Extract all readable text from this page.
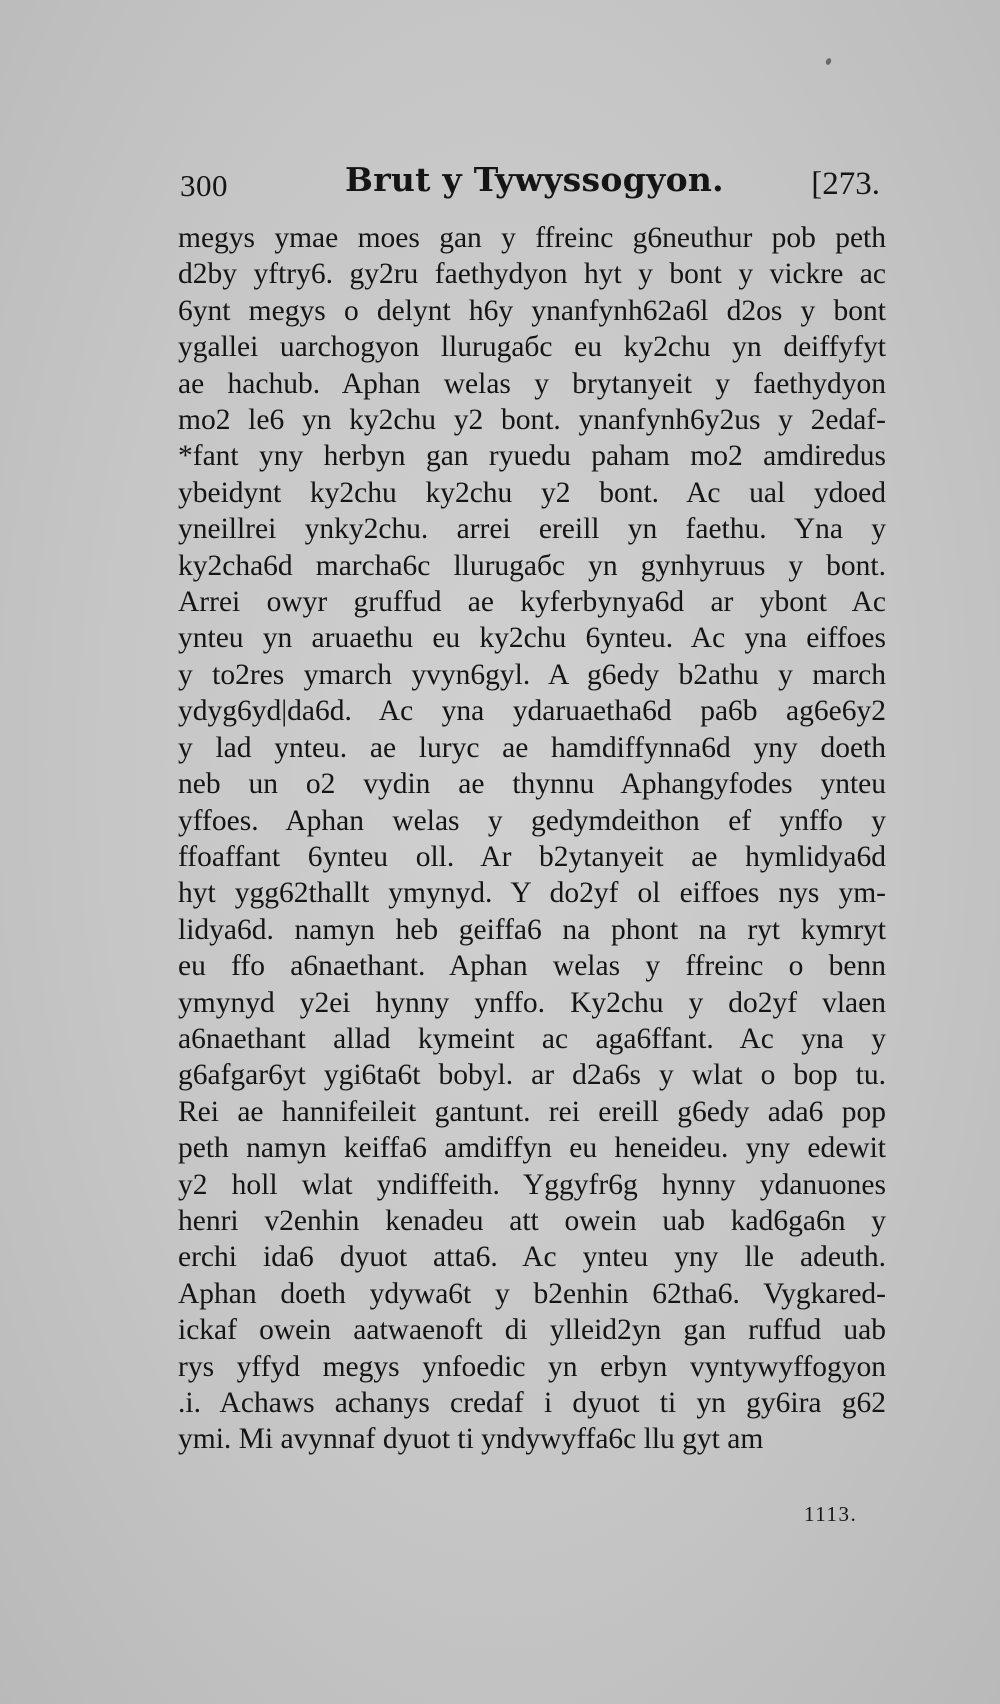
300	Brut y Tywyssogyon.	[273.
megys ymae moes gan y ffreinc g6neuthur pob peth
d2by yftry6. gy2ru faethydyon hyt y bont y vickre ac
6ynt megys o delynt h6y ynanfynh62a6l d2os y bont
ygallei uarchogyon llurugaбc eu ky2chu yn deiffyfyt
ae hachub. Aphan welas y brytanyeit y faethydyon
mo2 le6 yn ky2chu y2 bont. ynanfynh6y2us y 2edaf-
*fant yny herbyn gan ryuedu paham mo2 amdiredus
ybeidynt ky2chu ky2chu y2 bont. Ac ual ydoed
yneillrei ynky2chu. arrei ereill yn faethu. Yna y
ky2cha6d marcha6c llurugaбc yn gynhyruus y bont.
Arrei owyr gruffud ae kyferbynya6d ar ybont Ac
ynteu yn aruaethu eu ky2chu 6ynteu. Ac yna eiffoes
y to2res ymarch yvyn6gyl. A g6edy b2athu y march
ydyg6yd|da6d. Ac yna ydaruaetha6d pa6b ag6e6y2
y lad ynteu. ae luryc ae hamdiffynna6d yny doeth
neb un o2 vydin ae thynnu Aphangyfodes ynteu
yffoes. Aphan welas y gedymdeithon ef ynffo y
ffoaffant 6ynteu oll. Ar b2ytanyeit ae hymlidya6d
hyt ygg62thallt ymynyd. Y do2yf ol eiffoes nys ym-
lidya6d. namyn heb geiffa6 na phont na ryt kymryt
eu ffo a6naethant. Aphan welas y ffreinc o benn
ymynyd y2ei hynny ynffo. Ky2chu y do2yf vlaen
a6naethant allad kymeint ac aga6ffant. Ac yna y
g6afgar6yt ygi6ta6t bobyl. ar d2a6s y wlat o bop tu.
Rei ae hannifeileit gantunt. rei ereill g6edy ada6 pop
peth namyn keiffa6 amdiffyn eu heneideu. yny edewit
y2 holl wlat yndiffeith. Yggyfr6g hynny ydanuones
henri v2enhin kenadeu att owein uab kad6ga6n y
erchi ida6 dyuot atta6. Ac ynteu yny lle adeuth.
Aphan doeth ydywa6t y b2enhin 62tha6. Vygkared-
ickaf owein aatwaenoft di ylleid2yn gan ruffud uab
rys yffyd megys ynfoedic yn erbyn vyntywyffogyon
.i. Achaws achanys credaf i dyuot ti yn gy6ira g62
ymi. Mi avynnaf dyuot ti yndywyffa6c llu gyt am
1113.
